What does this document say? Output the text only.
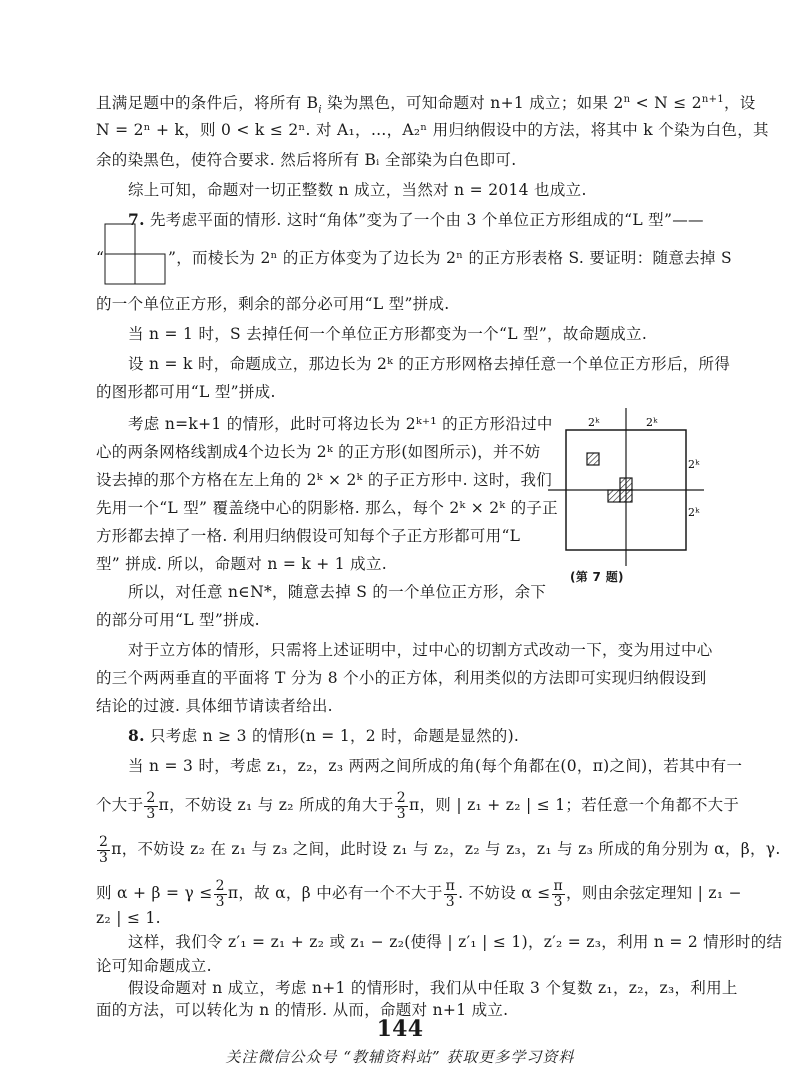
且满足题中的条件后，将所有 $B_i$ 染为黑色，可知命题对 n+1 成立；如果 $2^n < N \le 2^{n+1}$，设
N = 2ⁿ + k，则 0 < k ≤ 2ⁿ. 对 A₁，…，A₂ⁿ 用归纳假设中的方法，将其中 k 个染为白色，其
余的染黑色，使符合要求. 然后将所有 Bᵢ 全部染为白色即可.
综上可知，命题对一切正整数 n 成立，当然对 n = 2014 也成立.
7. 先考虑平面的情形. 这时“角体”变为了一个由 3 个单位正方形组成的“L 型”——
“	”，而棱长为 2ⁿ 的正方体变为了边长为 2ⁿ 的正方形表格 S. 要证明：随意去掉 S
的一个单位正方形，剩余的部分必可用“L 型”拼成.
当 n = 1 时，S 去掉任何一个单位正方形都变为一个“L 型”，故命题成立.
设 n = k 时，命题成立，那边长为 2ᵏ 的正方形网格去掉任意一个单位正方形后，所得
的图形都可用“L 型”拼成.
考虑 n=k+1 的情形，此时可将边长为 2ᵏ⁺¹ 的正方形沿过中
心的两条网格线割成4个边长为 2ᵏ 的正方形(如图所示)，并不妨
设去掉的那个方格在左上角的 2ᵏ × 2ᵏ 的子正方形中. 这时，我们
先用一个“L 型” 覆盖绕中心的阴影格. 那么，每个 2ᵏ × 2ᵏ 的子正
方形都去掉了一格. 利用归纳假设可知每个子正方形都可用“L
型” 拼成. 所以，命题对 n = k + 1 成立.
所以，对任意 n∈N*，随意去掉 S 的一个单位正方形，余下
的部分可用“L 型”拼成.
2ᵏ	2ᵏ
2ᵏ
2ᵏ
(第 7 题)
对于立方体的情形，只需将上述证明中，过中心的切割方式改动一下，变为用过中心
的三个两两垂直的平面将 T 分为 8 个小的正方体，利用类似的方法即可实现归纳假设到
结论的过渡. 具体细节请读者给出.
8. 只考虑 n ≥ 3 的情形(n = 1，2 时，命题是显然的).
当 n = 3 时，考虑 z₁，z₂，z₃ 两两之间所成的角(每个角都在(0，π)之间)，若其中有一
个大于 $\frac{2}{3}$ π，不妨设 z₁ 与 z₂ 所成的角大于 $\frac{2}{3}$ π，则 | z₁ + z₂ | ≤ 1；若任意一个角都不大于
$\frac{2}{3}$ π，不妨设 z₂ 在 z₁ 与 z₃ 之间，此时设 z₁ 与 z₂，z₂ 与 z₃，z₁ 与 z₃ 所成的角分别为 α，β，γ.
则 $\alpha + \beta = \gamma \le \frac{2}{3}$ π，故 α，β 中必有一个不大于 $\frac{\pi}{3}$ . 不妨设 $\alpha \le \frac{\pi}{3}$ ，则由余弦定理知 | z₁ −
z₂ | ≤ 1.
这样，我们令 z′₁ = z₁ + z₂ 或 z₁ − z₂(使得 | z′₁ | ≤ 1)，z′₂ = z₃，利用 n = 2 情形时的结
论可知命题成立.
144
关注微信公众号 “教辅资料站” 获取更多学习资料
假设命题对 n 成立，考虑 n+1 的情形时，我们从中任取 3 个复数 z₁，z₂，z₃，利用上
面的方法，可以转化为 n 的情形. 从而，命题对 n+1 成立.
